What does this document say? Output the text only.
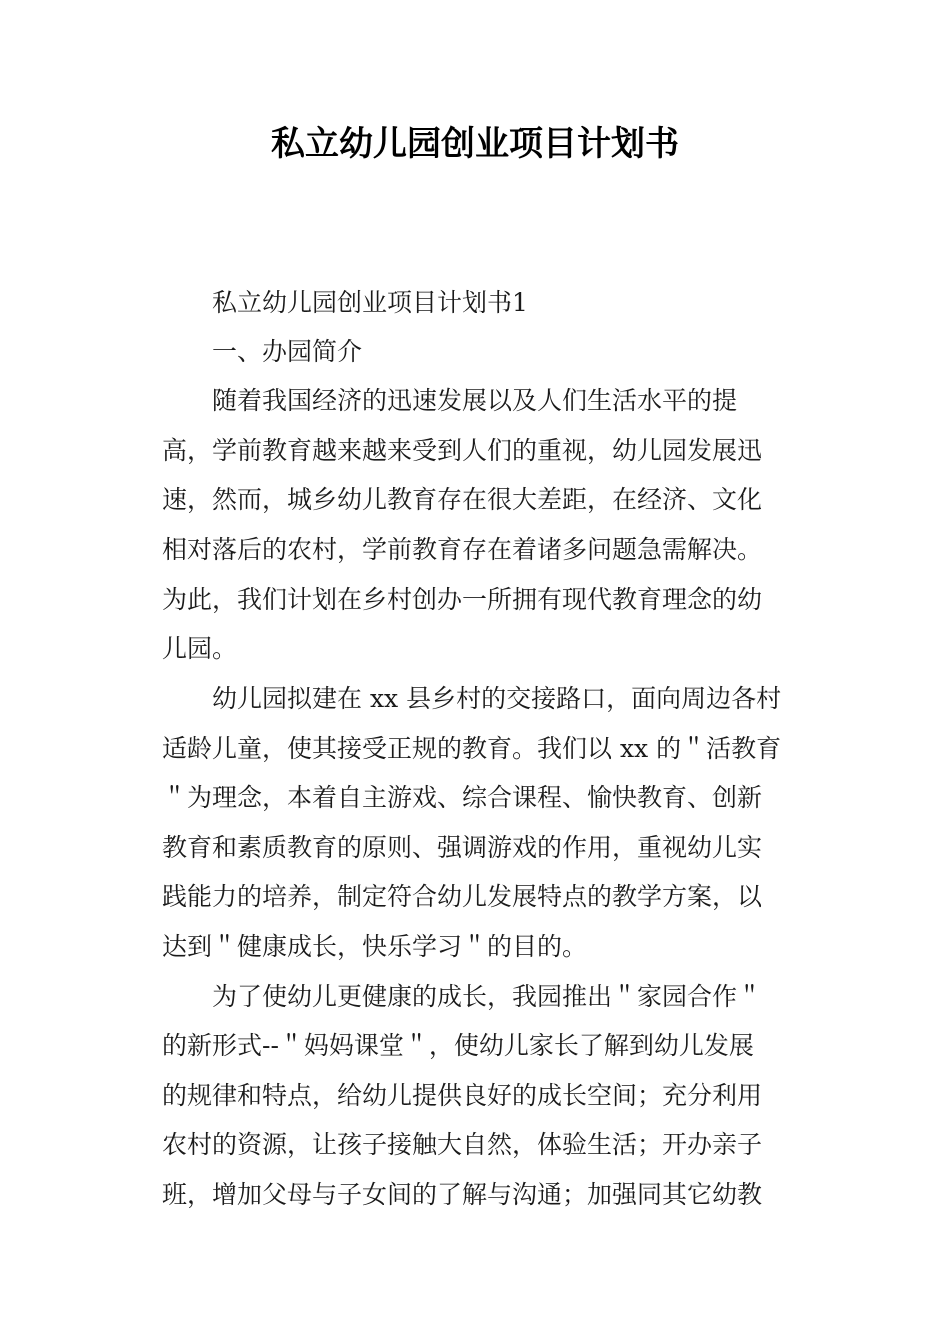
私立幼儿园创业项目计划书

私立幼儿园创业项目计划书1

一、办园简介

随着我国经济的迅速发展以及人们生活水平的提

高，学前教育越来越来受到人们的重视，幼儿园发展迅

速，然而，城乡幼儿教育存在很大差距，在经济、文化

相对落后的农村，学前教育存在着诸多问题急需解决。

为此，我们计划在乡村创办一所拥有现代教育理念的幼

儿园。

幼儿园拟建在 xx 县乡村的交接路口，面向周边各村

适龄儿童，使其接受正规的教育。我们以 xx 的＂活教育

＂为理念，本着自主游戏、综合课程、愉快教育、创新

教育和素质教育的原则、强调游戏的作用，重视幼儿实

践能力的培养，制定符合幼儿发展特点的教学方案，以

达到＂健康成长，快乐学习＂的目的。

为了使幼儿更健康的成长，我园推出＂家园合作＂

的新形式--＂妈妈课堂＂，使幼儿家长了解到幼儿发展

的规律和特点，给幼儿提供良好的成长空间；充分利用

农村的资源，让孩子接触大自然，体验生活；开办亲子

班，增加父母与子女间的了解与沟通；加强同其它幼教
